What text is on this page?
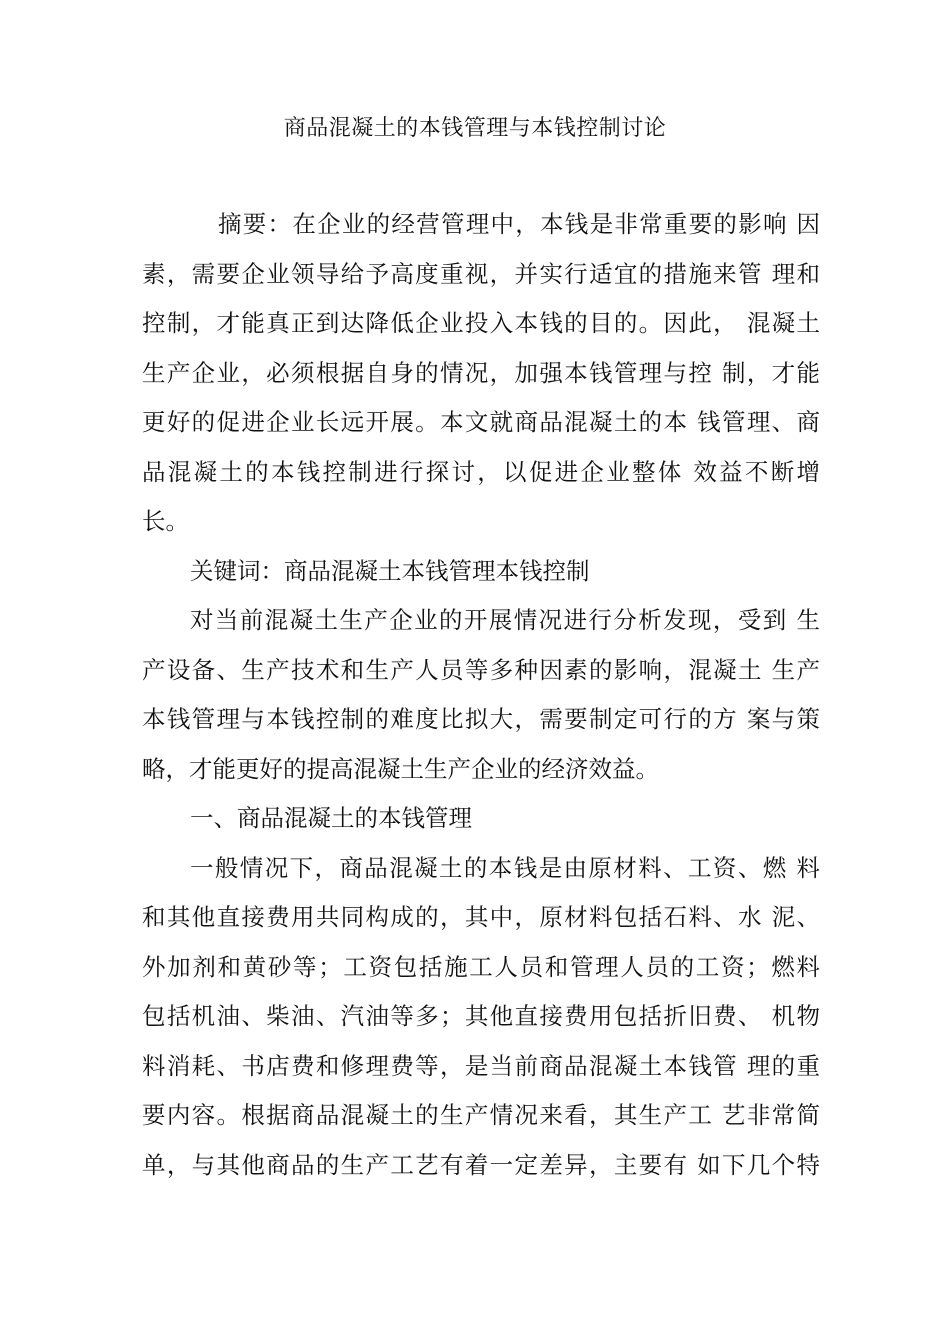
商品混凝土的本钱管理与本钱控制讨论
摘要：在企业的经营管理中，本钱是非常重要的影响 因
素，需要企业领导给予高度重视，并实行适宜的措施来管 理和
控制，才能真正到达降低企业投入本钱的目的。因此， 混凝土
生产企业，必须根据自身的情况，加强本钱管理与控 制，才能
更好的促进企业长远开展。本文就商品混凝土的本 钱管理、商
品混凝土的本钱控制进行探讨，以促进企业整体 效益不断增
长。
关键词：商品混凝土本钱管理本钱控制
对当前混凝土生产企业的开展情况进行分析发现，受到 生
产设备、生产技术和生产人员等多种因素的影响，混凝土 生产
本钱管理与本钱控制的难度比拟大，需要制定可行的方 案与策
略，才能更好的提高混凝土生产企业的经济效益。
一、商品混凝土的本钱管理
一般情况下，商品混凝土的本钱是由原材料、工资、燃 料
和其他直接费用共同构成的，其中，原材料包括石料、水 泥、
外加剂和黄砂等；工资包括施工人员和管理人员的工资；燃料
包括机油、柴油、汽油等多；其他直接费用包括折旧费、 机物
料消耗、书店费和修理费等，是当前商品混凝土本钱管 理的重
要内容。根据商品混凝土的生产情况来看，其生产工 艺非常简
单，与其他商品的生产工艺有着一定差异，主要有 如下几个特
